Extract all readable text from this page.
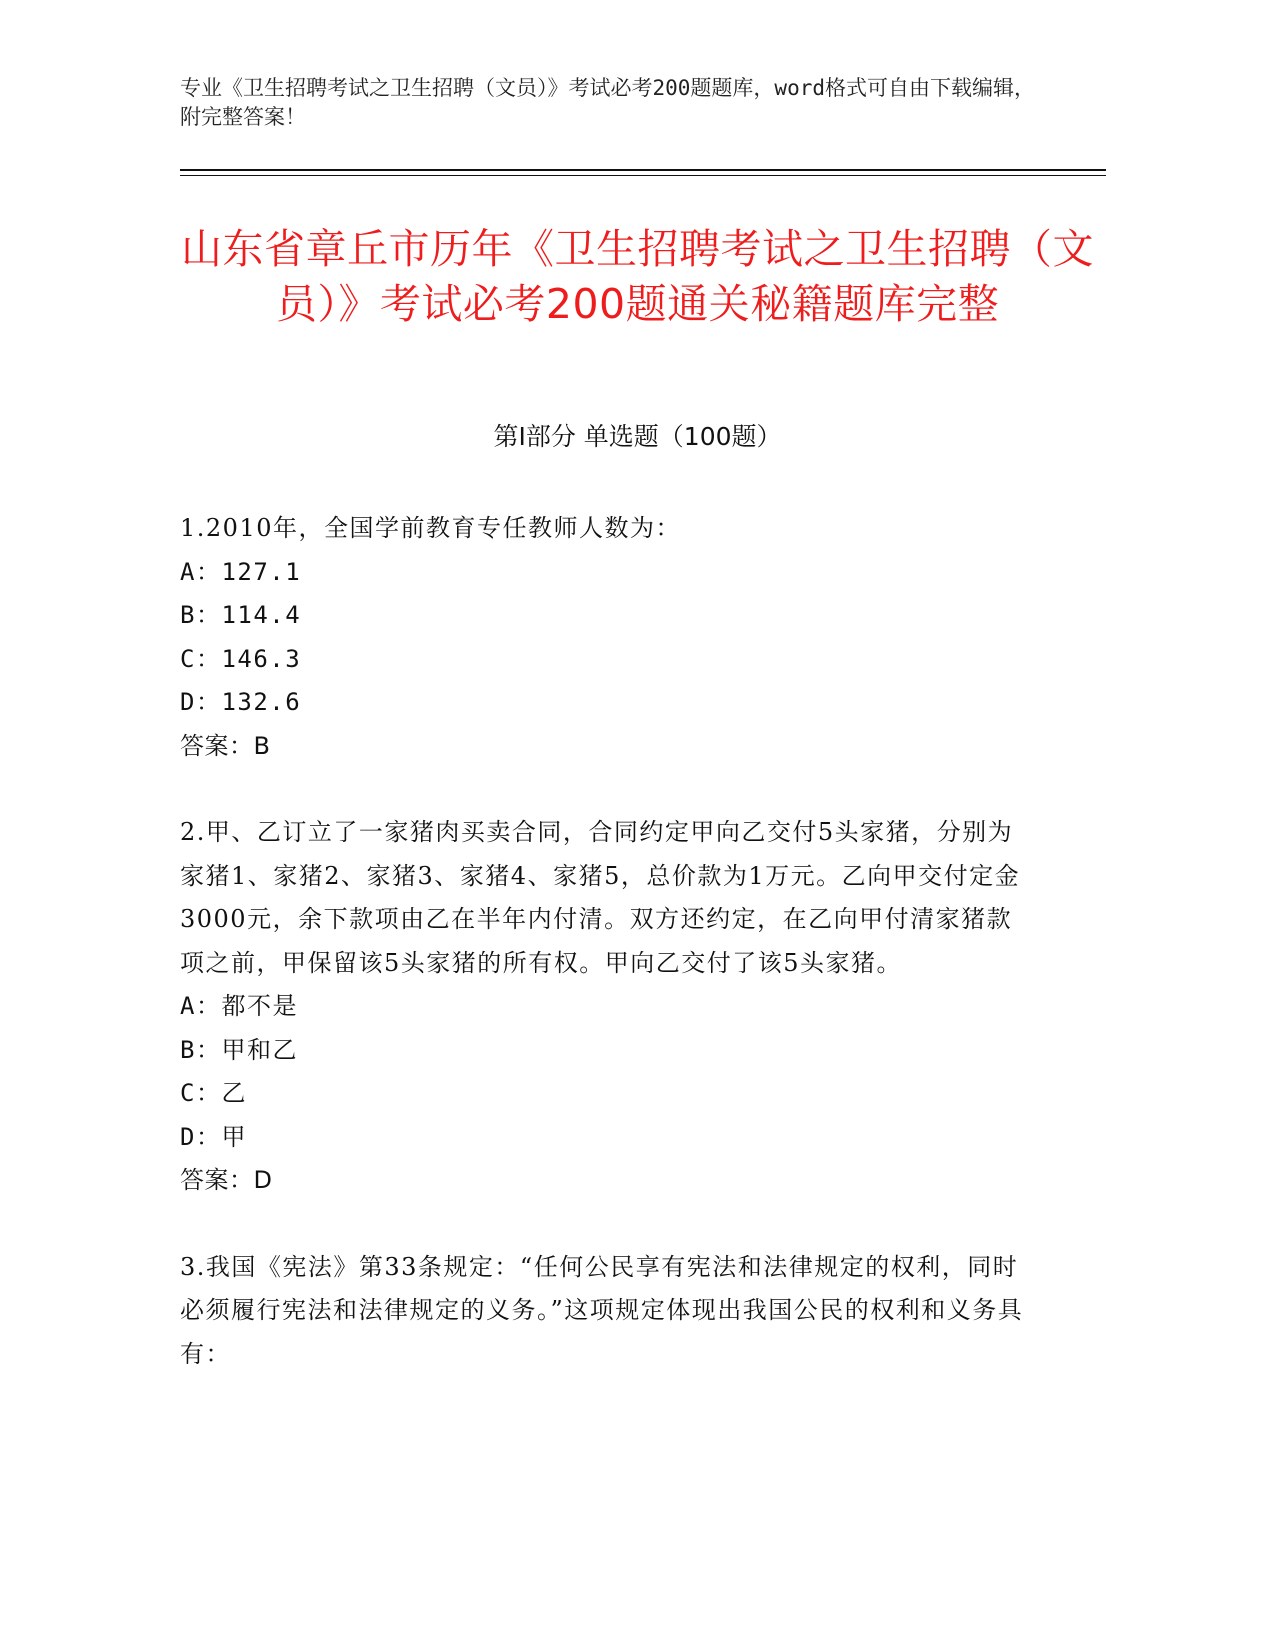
专业《卫生招聘考试之卫生招聘（文员）》考试必考200题题库，word格式可自由下载编辑，附完整答案！
山东省章丘市历年《卫生招聘考试之卫生招聘（文员）》考试必考200题通关秘籍题库完整
第Ⅰ部分 单选题（100题）

1.2010年，全国学前教育专任教师人数为：

A：127.1
B：114.4
C：146.3
D：132.6
答案：B

2.甲、乙订立了一家猪肉买卖合同，合同约定甲向乙交付5头家猪，分别为家猪1、家猪2、家猪3、家猪4、家猪5，总价款为1万元。乙向甲交付定金3000元，余下款项由乙在半年内付清。双方还约定，在乙向甲付清家猪款项之前，甲保留该5头家猪的所有权。甲向乙交付了该5头家猪。

A：都不是
B：甲和乙
C：乙
D：甲
答案：D

3.我国《宪法》第33条规定：“任何公民享有宪法和法律规定的权利，同时必须履行宪法和法律规定的义务。”这项规定体现出我国公民的权利和义务具有：
